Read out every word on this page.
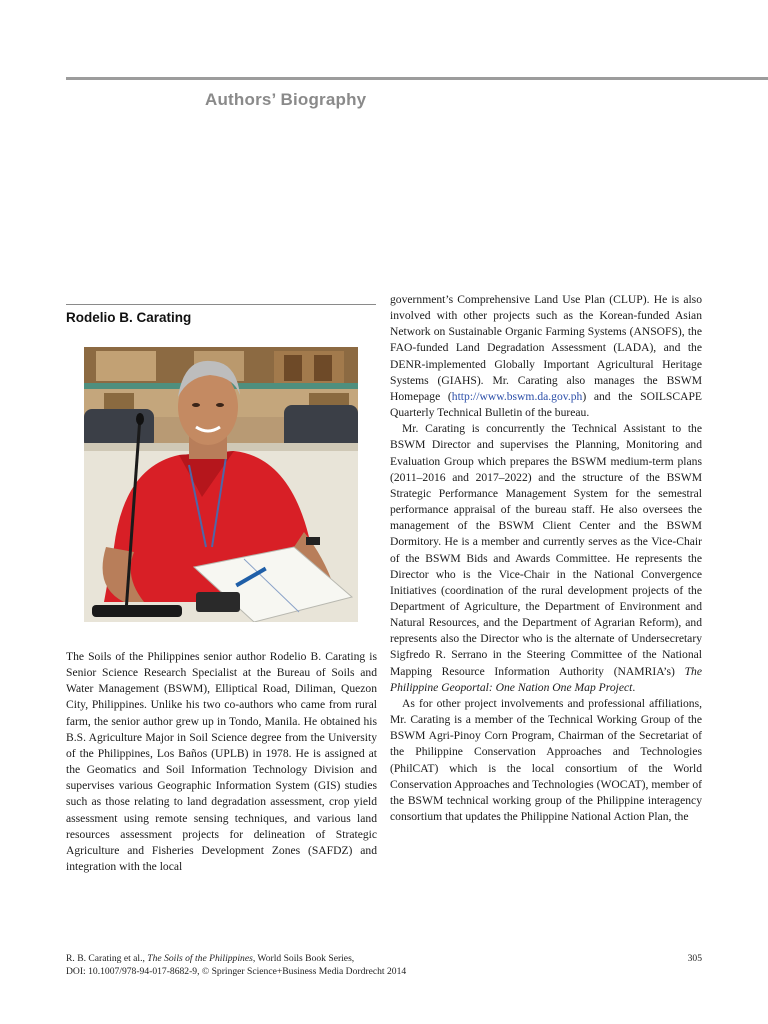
Authors’ Biography
Rodelio B. Carating

The Soils of the Philippines senior author Rodelio B. Carating is Senior Science Research Specialist at the Bureau of Soils and Water Management (BSWM), Elliptical Road, Diliman, Quezon City, Philippines. Unlike his two co-authors who came from rural farm, the senior author grew up in Tondo, Manila. He obtained his B.S. Agriculture Major in Soil Science degree from the University of the Philippines, Los Baños (UPLB) in 1978. He is assigned at the Geomatics and Soil Information Technology Division and supervises various Geographic Information System (GIS) studies such as those relating to land degradation assessment, crop yield assessment using remote sensing techniques, and various land resources assessment projects for delineation of Strategic Agriculture and Fisheries Development Zones (SAFDZ) and integration with the local

government’s Comprehensive Land Use Plan (CLUP). He is also involved with other projects such as the Korean-funded Asian Network on Sustainable Organic Farming Systems (ANSOFS), the FAO-funded Land Degradation Assessment (LADA), and the DENR-implemented Globally Important Agricultural Heritage Systems (GIAHS). Mr. Carating also manages the BSWM Homepage (http://www.bswm.da.gov.ph) and the SOILSCAPE Quarterly Technical Bulletin of the bureau.

Mr. Carating is concurrently the Technical Assistant to the BSWM Director and supervises the Planning, Monitoring and Evaluation Group which prepares the BSWM medium-term plans (2011–2016 and 2017–2022) and the structure of the BSWM Strategic Performance Management System for the semestral performance appraisal of the bureau staff. He also oversees the management of the BSWM Client Center and the BSWM Dormitory. He is a member and currently serves as the Vice-Chair of the BSWM Bids and Awards Committee. He represents the Director who is the Vice-Chair in the National Convergence Initiatives (coordination of the rural development projects of the Department of Agriculture, the Department of Environment and Natural Resources, and the Department of Agrarian Reform), and represents also the Director who is the alternate of Undersecretary Sigfredo R. Serrano in the Steering Committee of the National Mapping Resource Information Authority (NAMRIA’s) The Philippine Geoportal: One Nation One Map Project.

As for other project involvements and professional affiliations, Mr. Carating is a member of the Technical Working Group of the BSWM Agri-Pinoy Corn Program, Chairman of the Secretariat of the Philippine Conservation Approaches and Technologies (PhilCAT) which is the local consortium of the World Conservation Approaches and Technologies (WOCAT), member of the BSWM technical working group of the Philippine interagency consortium that updates the Philippine National Action Plan, the

R. B. Carating et al., The Soils of the Philippines, World Soils Book Series,
DOI: 10.1007/978-94-017-8682-9, © Springer Science+Business Media Dordrecht 2014
305
